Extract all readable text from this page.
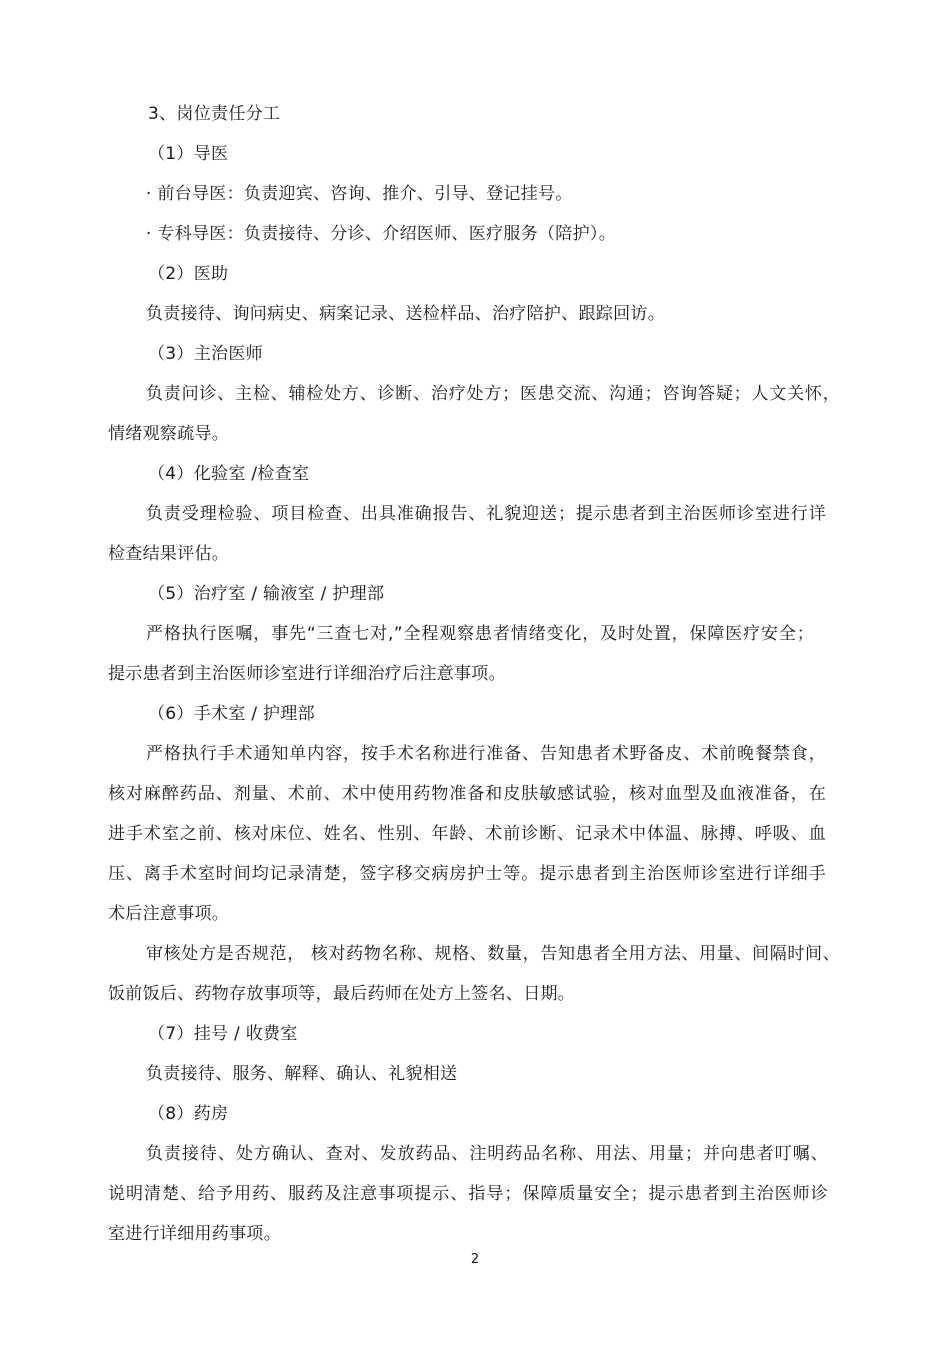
3、岗位责任分工
（1）导医
· 前台导医：负责迎宾、咨询、推介、引导、登记挂号。
· 专科导医：负责接待、分诊、介绍医师、医疗服务（陪护）。
（2）医助
负责接待、询问病史、病案记录、送检样品、治疗陪护、跟踪回访。
（3）主治医师
负责问诊、主检、辅检处方、诊断、治疗处方；医患交流、沟通；咨询答疑；人文关怀，
情绪观察疏导。
（4）化验室 /检查室
负责受理检验、项目检查、出具准确报告、礼貌迎送；提示患者到主治医师诊室进行详
检查结果评估。
（5）治疗室 / 输液室 / 护理部
严格执行医嘱，事先“三查七对,”全程观察患者情绪变化，及时处置，保障医疗安全；
提示患者到主治医师诊室进行详细治疗后注意事项。
（6）手术室 / 护理部
严格执行手术通知单内容，按手术名称进行准备、告知患者术野备皮、术前晚餐禁食，
核对麻醉药品、剂量、术前、术中使用药物准备和皮肤敏感试验，核对血型及血液准备，在
进手术室之前、核对床位、姓名、性别、年龄、术前诊断、记录术中体温、脉搏、呼吸、血
压、离手术室时间均记录清楚，签字移交病房护士等。提示患者到主治医师诊室进行详细手
术后注意事项。
审核处方是否规范， 核对药物名称、规格、数量，告知患者全用方法、用量、间隔时间、
饭前饭后、药物存放事项等，最后药师在处方上签名、日期。
（7）挂号 / 收费室
负责接待、服务、解释、确认、礼貌相送
（8）药房
负责接待、处方确认、查对、发放药品、注明药品名称、用法、用量；并向患者叮嘱、
说明清楚、给予用药、服药及注意事项提示、指导；保障质量安全；提示患者到主治医师诊
室进行详细用药事项。
2
